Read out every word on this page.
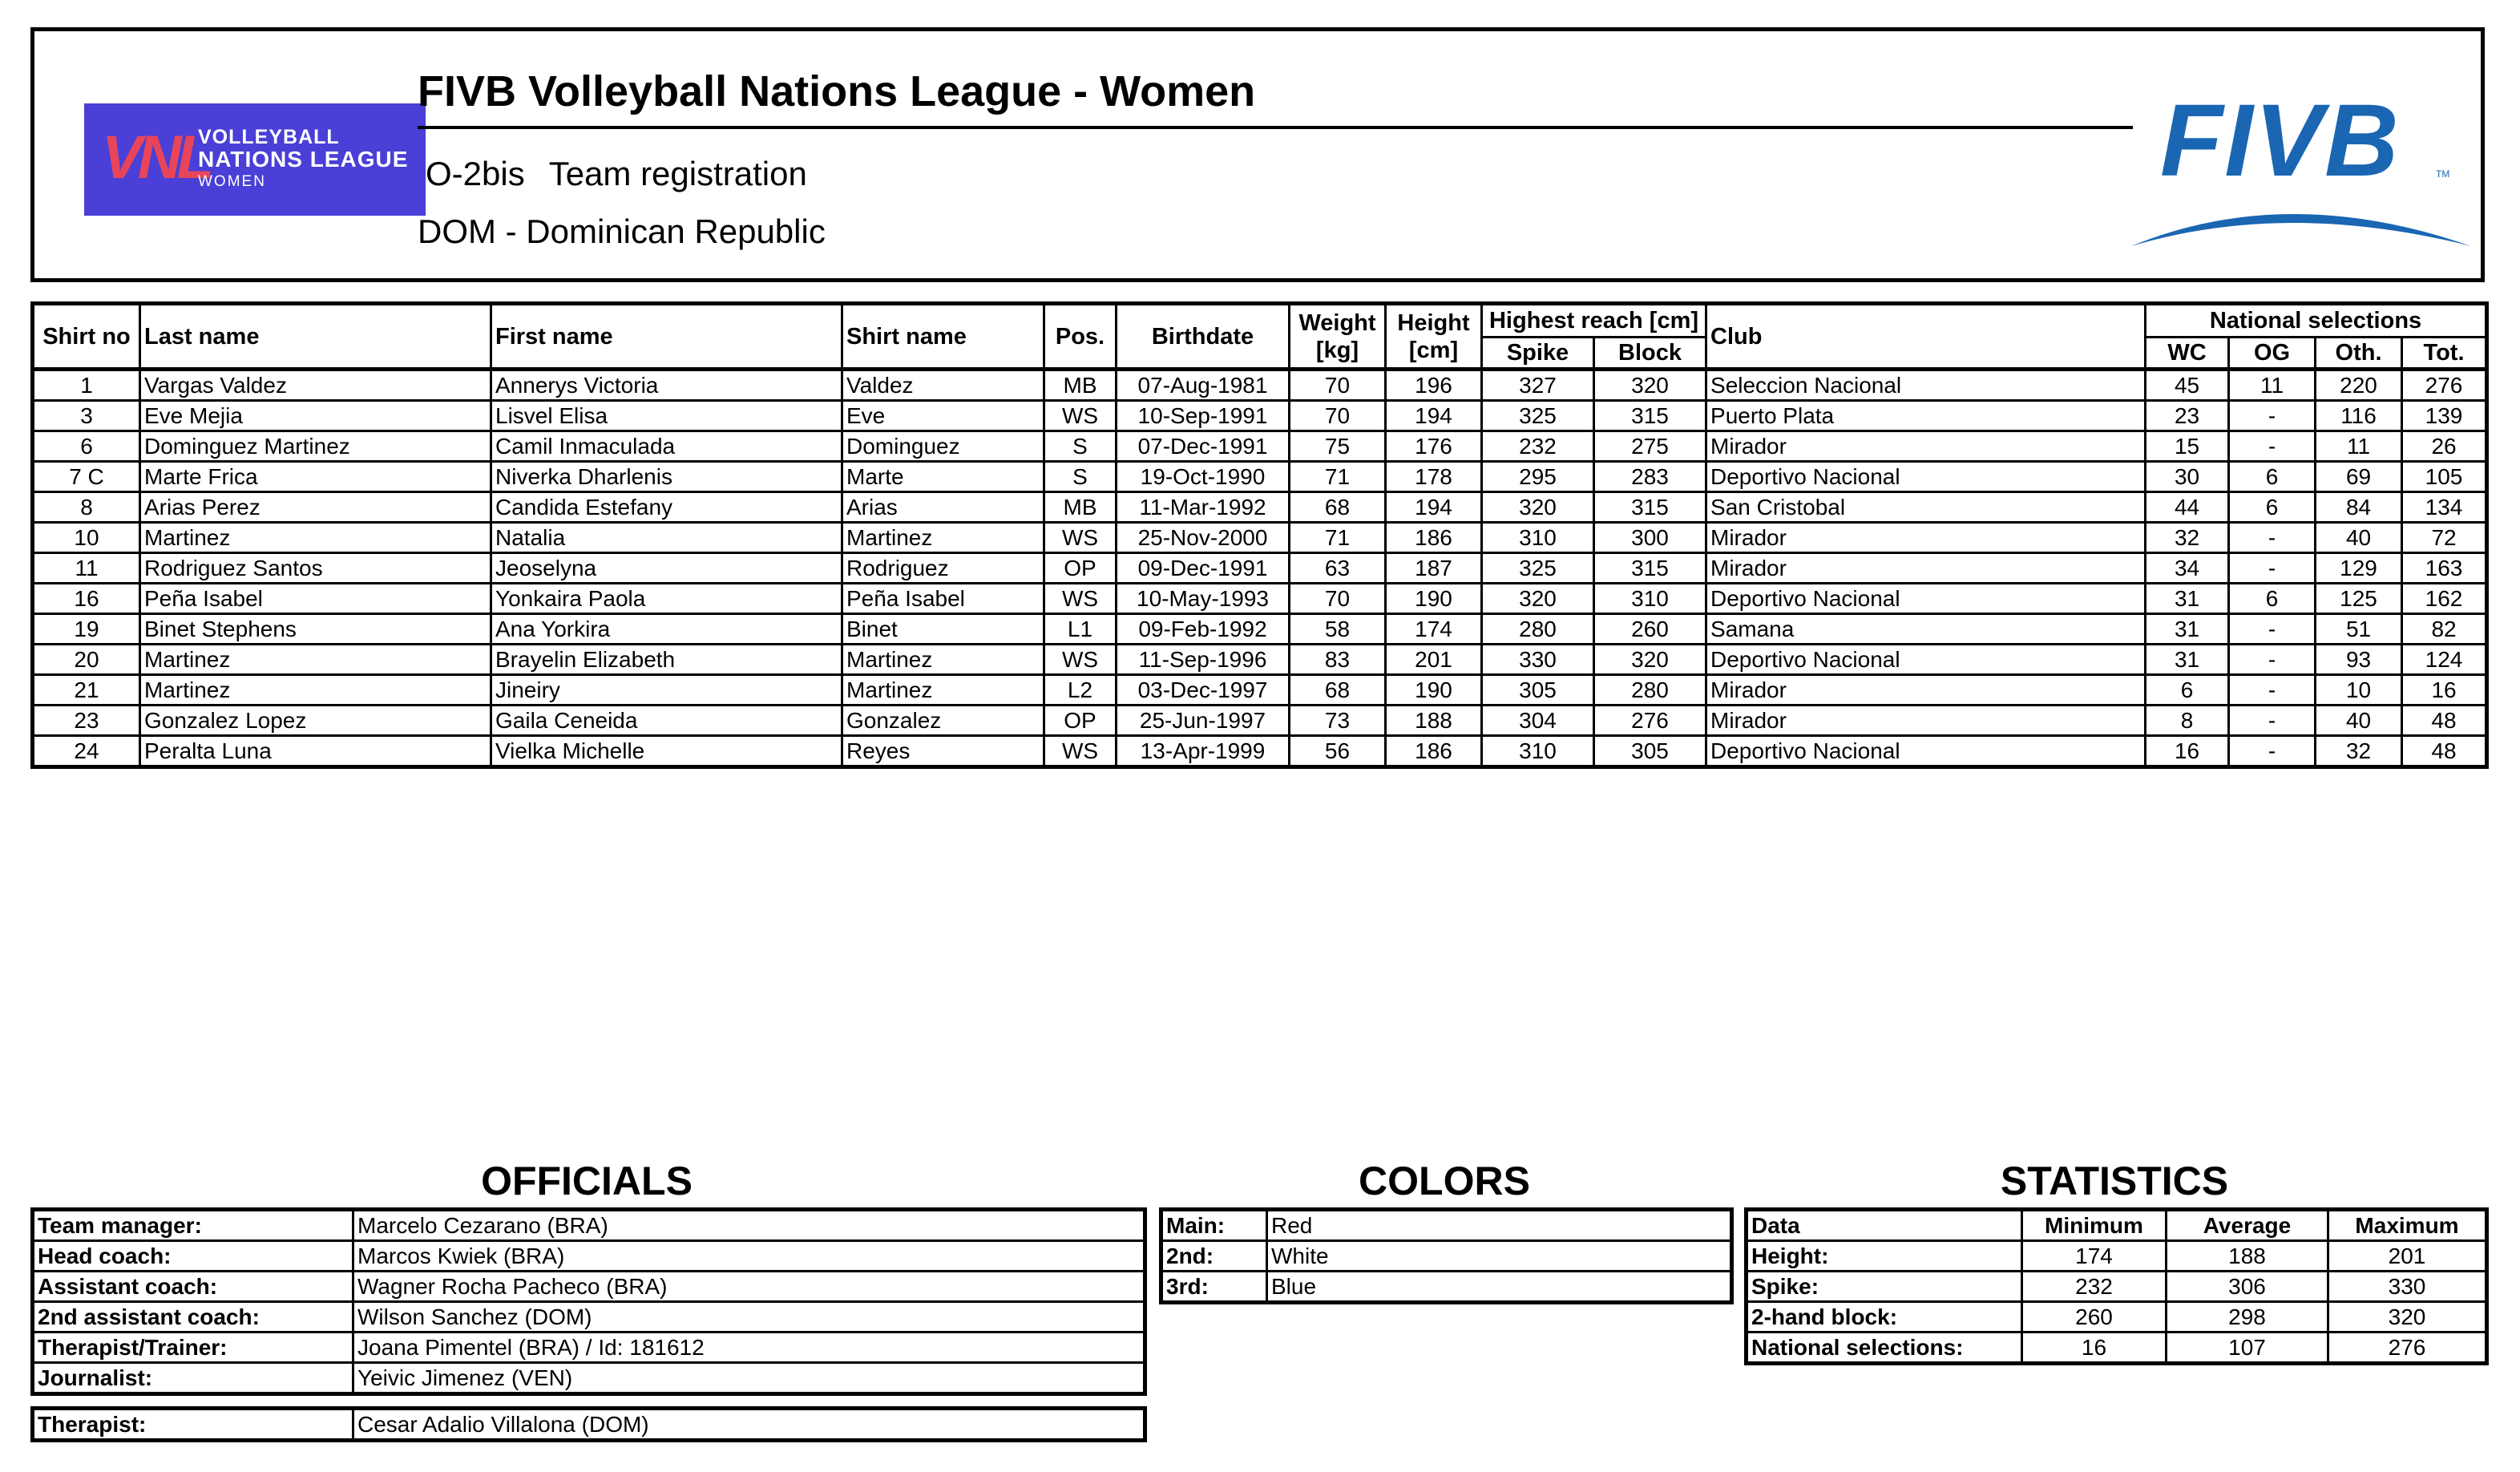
VNL
VOLLEYBALL
NATIONS LEAGUE
WOMEN
FIVB Volleyball Nations League - Women
O-2bis Team registration
DOM - Dominican Republic
FIVB	TM
Shirt no	Last name	First name	Shirt name	Pos.	Birthdate	Weight [kg]	Height [cm]	Highest reach [cm]		Club	National selections			
								Spike	Block		WC	OG	Oth.	Tot.
1	Vargas Valdez	Annerys Victoria	Valdez	MB	07-Aug-1981	70	196	327	320	Seleccion Nacional	45	11	220	276
3	Eve Mejia	Lisvel Elisa	Eve	WS	10-Sep-1991	70	194	325	315	Puerto Plata	23	-	116	139
6	Dominguez Martinez	Camil Inmaculada	Dominguez	S	07-Dec-1991	75	176	232	275	Mirador	15	-	11	26
7 C	Marte Frica	Niverka Dharlenis	Marte	S	19-Oct-1990	71	178	295	283	Deportivo Nacional	30	6	69	105
8	Arias Perez	Candida Estefany	Arias	MB	11-Mar-1992	68	194	320	315	San Cristobal	44	6	84	134
10	Martinez	Natalia	Martinez	WS	25-Nov-2000	71	186	310	300	Mirador	32	-	40	72
11	Rodriguez Santos	Jeoselyna	Rodriguez	OP	09-Dec-1991	63	187	325	315	Mirador	34	-	129	163
16	Peña Isabel	Yonkaira Paola	Peña Isabel	WS	10-May-1993	70	190	320	310	Deportivo Nacional	31	6	125	162
19	Binet Stephens	Ana Yorkira	Binet	L1	09-Feb-1992	58	174	280	260	Samana	31	-	51	82
20	Martinez	Brayelin Elizabeth	Martinez	WS	11-Sep-1996	83	201	330	320	Deportivo Nacional	31	-	93	124
21	Martinez	Jineiry	Martinez	L2	03-Dec-1997	68	190	305	280	Mirador	6	-	10	16
23	Gonzalez Lopez	Gaila Ceneida	Gonzalez	OP	25-Jun-1997	73	188	304	276	Mirador	8	-	40	48
24	Peralta Luna	Vielka Michelle	Reyes	WS	13-Apr-1999	56	186	310	305	Deportivo Nacional	16	-	32	48
OFFICIALS
Team manager:	Marcelo Cezarano (BRA)
Head coach:	Marcos Kwiek (BRA)
Assistant coach:	Wagner Rocha Pacheco (BRA)
2nd assistant coach:	Wilson Sanchez (DOM)
Therapist/Trainer:	Joana Pimentel (BRA) / Id: 181612
Journalist:	Yeivic Jimenez (VEN)
Therapist:	Cesar Adalio Villalona (DOM)
COLORS
Main:	Red
2nd:	White
3rd:	Blue
STATISTICS
Data	Minimum	Average	Maximum
Height:	174	188	201
Spike:	232	306	330
2-hand block:	260	298	320
National selections:	16	107	276
